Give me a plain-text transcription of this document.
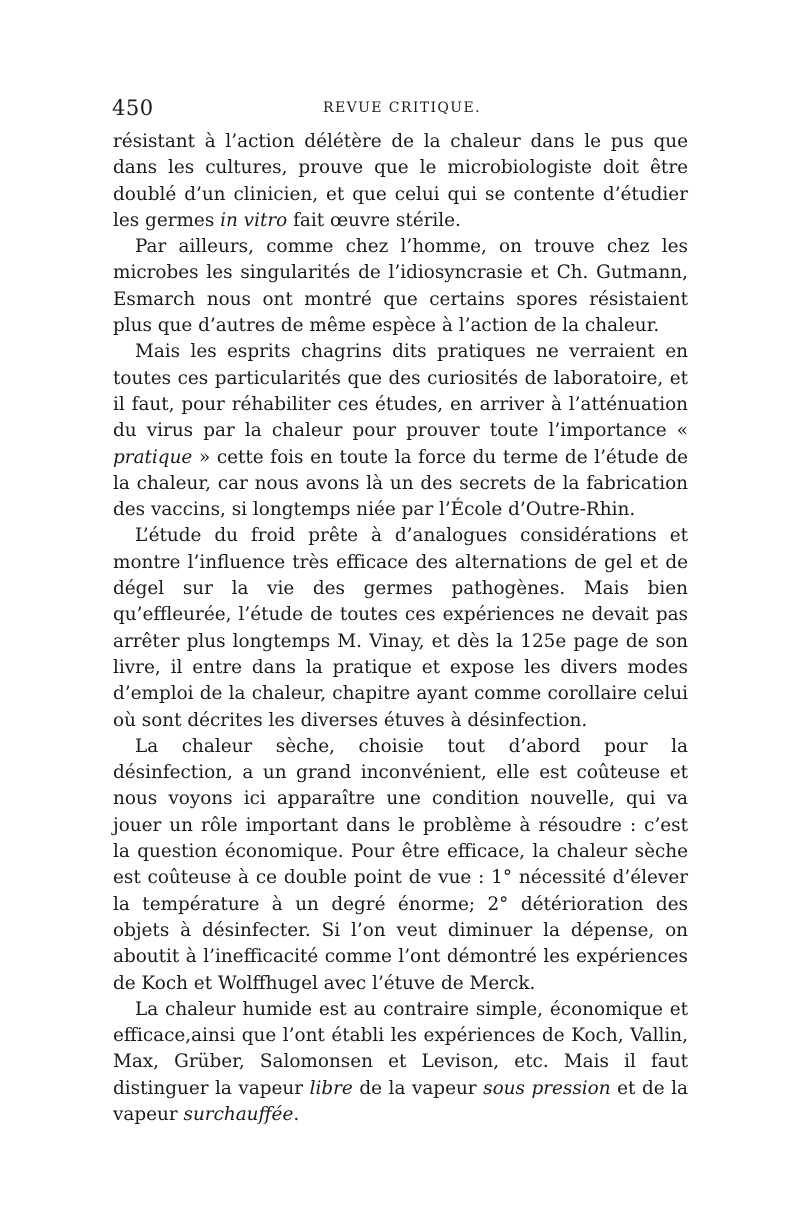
450	REVUE CRITIQUE.

résistant à l’action délétère de la chaleur dans le pus que dans les cultures, prouve que le microbiologiste doit être doublé d’un clinicien, et que celui qui se contente d’étudier les germes in vitro fait œuvre stérile.

Par ailleurs, comme chez l’homme, on trouve chez les microbes les singularités de l’idiosyncrasie et Ch. Gutmann, Esmarch nous ont montré que certains spores résistaient plus que d’autres de même espèce à l’action de la chaleur.

Mais les esprits chagrins dits pratiques ne verraient en toutes ces particularités que des curiosités de laboratoire, et il faut, pour réhabiliter ces études, en arriver à l’atténuation du virus par la chaleur pour prouver toute l’importance « pratique » cette fois en toute la force du terme de l’étude de la chaleur, car nous avons là un des secrets de la fabrication des vaccins, si longtemps niée par l’École d’Outre-Rhin.

L’étude du froid prête à d’analogues considérations et montre l’influence très efficace des alternations de gel et de dégel sur la vie des germes pathogènes. Mais bien qu’effleurée, l’étude de toutes ces expériences ne devait pas arrêter plus longtemps M. Vinay, et dès la 125e page de son livre, il entre dans la pratique et expose les divers modes d’emploi de la chaleur, chapitre ayant comme corollaire celui où sont décrites les diverses étuves à désinfection.

La chaleur sèche, choisie tout d’abord pour la désinfection, a un grand inconvénient, elle est coûteuse et nous voyons ici apparaître une condition nouvelle, qui va jouer un rôle important dans le problème à résoudre : c’est la question économique. Pour être efficace, la chaleur sèche est coûteuse à ce double point de vue : 1° nécessité d’élever la température à un degré énorme; 2° détérioration des objets à désinfecter. Si l’on veut diminuer la dépense, on aboutit à l’inefficacité comme l’ont démontré les expériences de Koch et Wolffhugel avec l’étuve de Merck.

La chaleur humide est au contraire simple, économique et efficace,ainsi que l’ont établi les expériences de Koch, Vallin, Max, Grüber, Salomonsen et Levison, etc. Mais il faut distinguer la vapeur libre de la vapeur sous pression et de la vapeur surchauffée.
